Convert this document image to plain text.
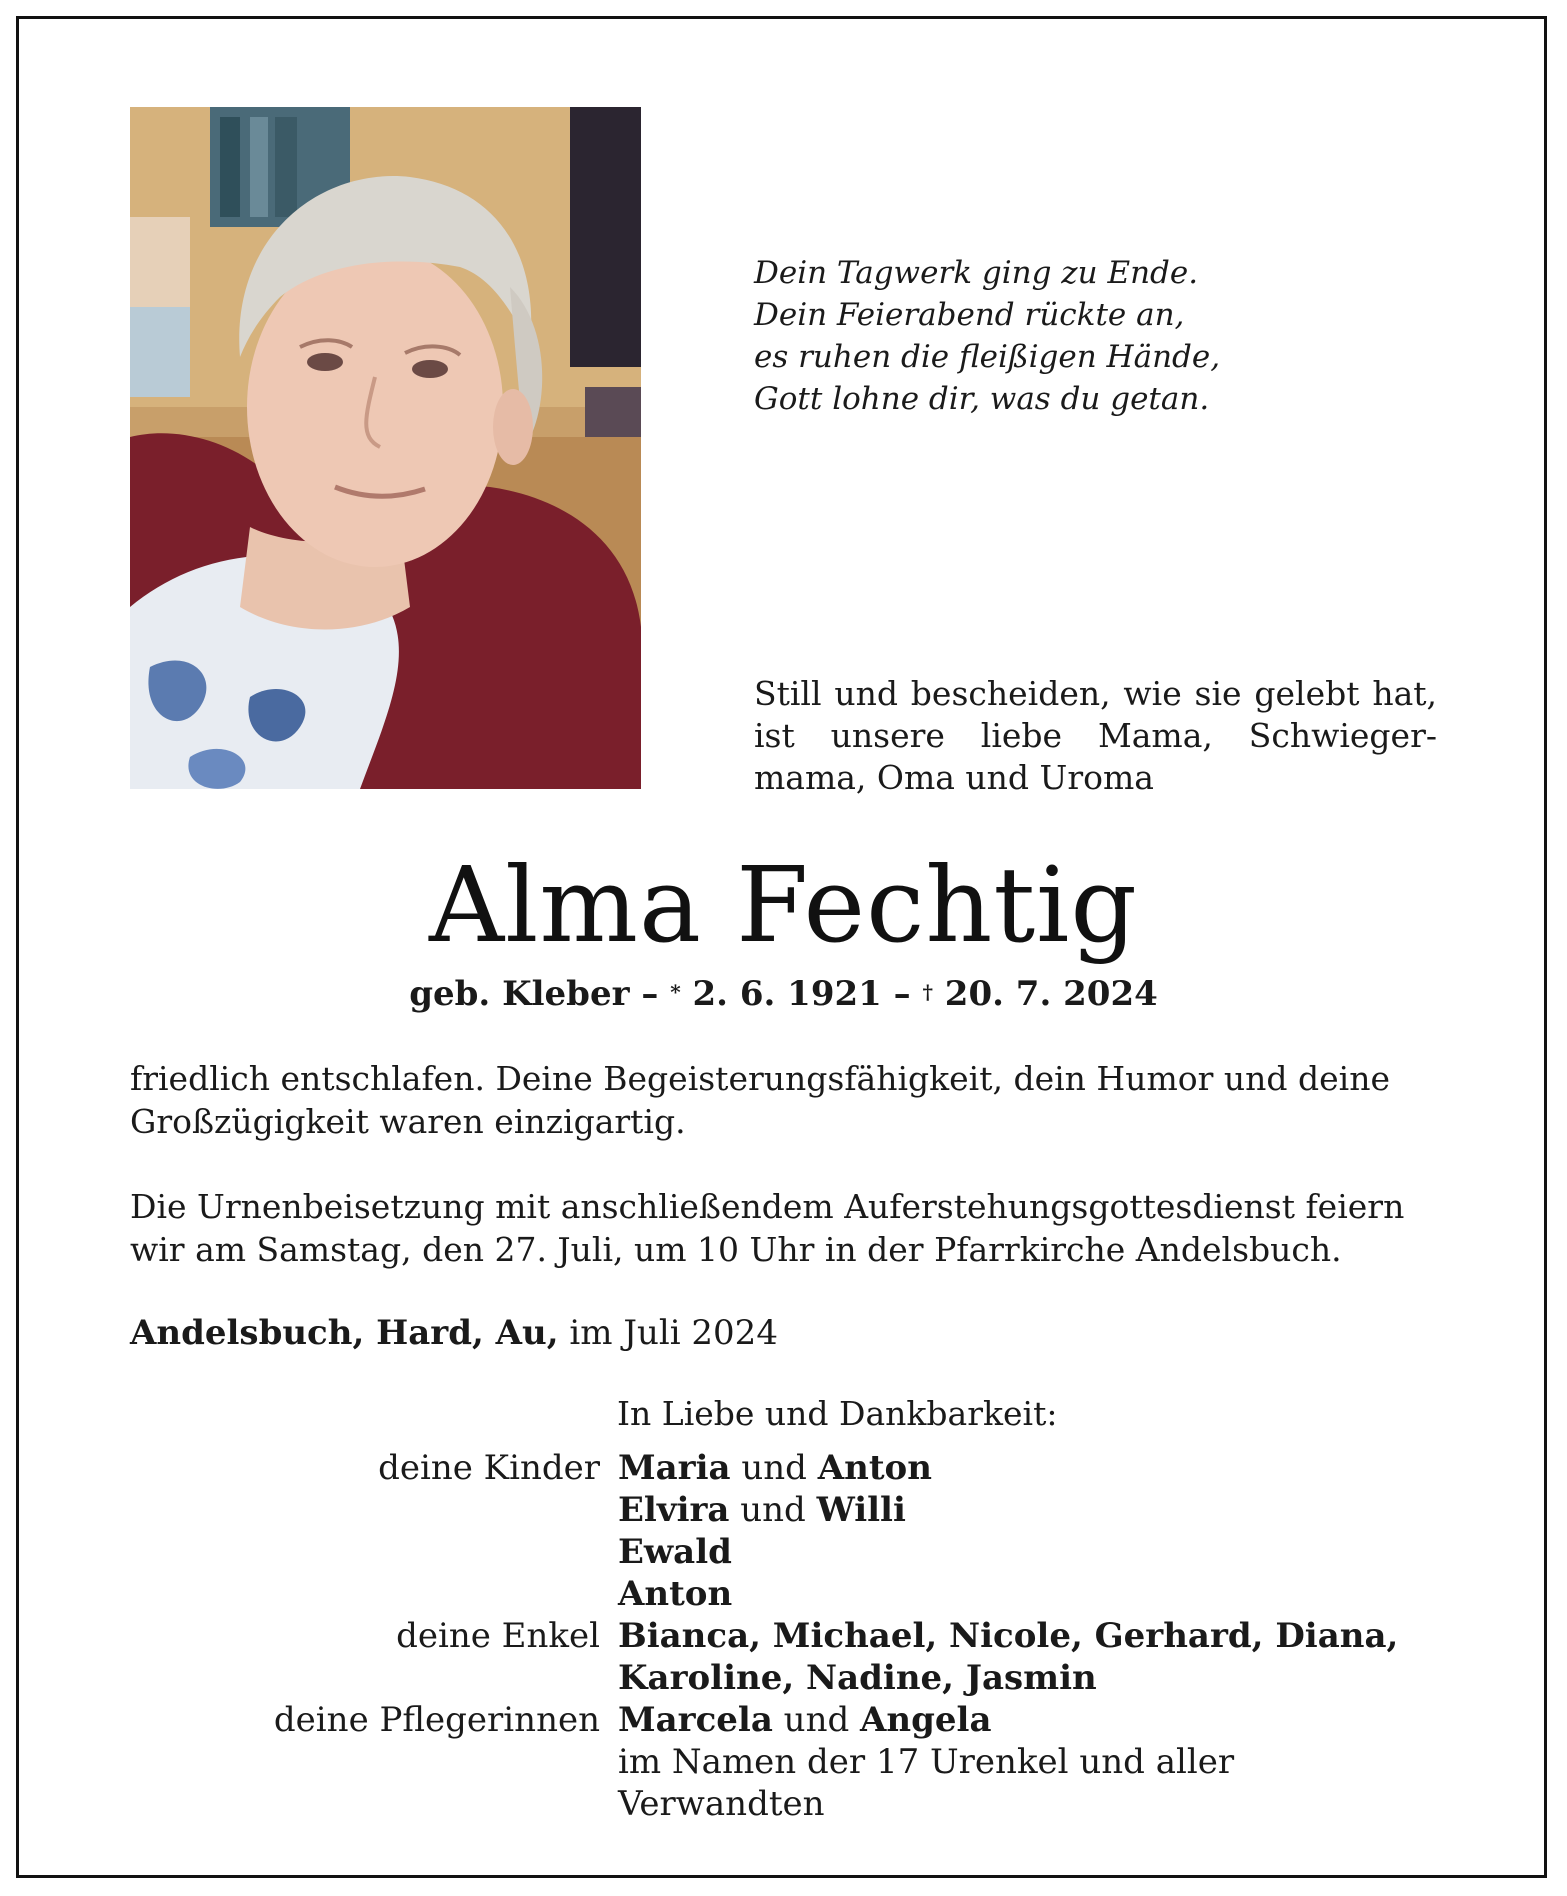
Dein Tagwerk ging zu Ende.
Dein Feierabend rückte an,
es ruhen die fleißigen Hände,
Gott lohne dir, was du getan.
Still und bescheiden, wie sie gelebt hat, ist unsere liebe Mama, Schwieger-mama, Oma und Uroma
Alma Fechtig
geb. Kleber – * 2. 6. 1921 – † 20. 7. 2024
friedlich entschlafen. Deine Begeisterungsfähigkeit, dein Humor und deine Großzügigkeit waren einzigartig.
Die Urnenbeisetzung mit anschließendem Auferstehungsgottesdienst feiern wir am Samstag, den 27. Juli, um 10 Uhr in der Pfarrkirche Andelsbuch.
Andelsbuch, Hard, Au, im Juli 2024
In Liebe und Dankbarkeit:
deine Kinder Maria und Anton
Elvira und Willi
Ewald
Anton
deine Enkel Bianca, Michael, Nicole, Gerhard, Diana,
Karoline, Nadine, Jasmin
deine Pflegerinnen Marcela und Angela
im Namen der 17 Urenkel und aller Verwandten
